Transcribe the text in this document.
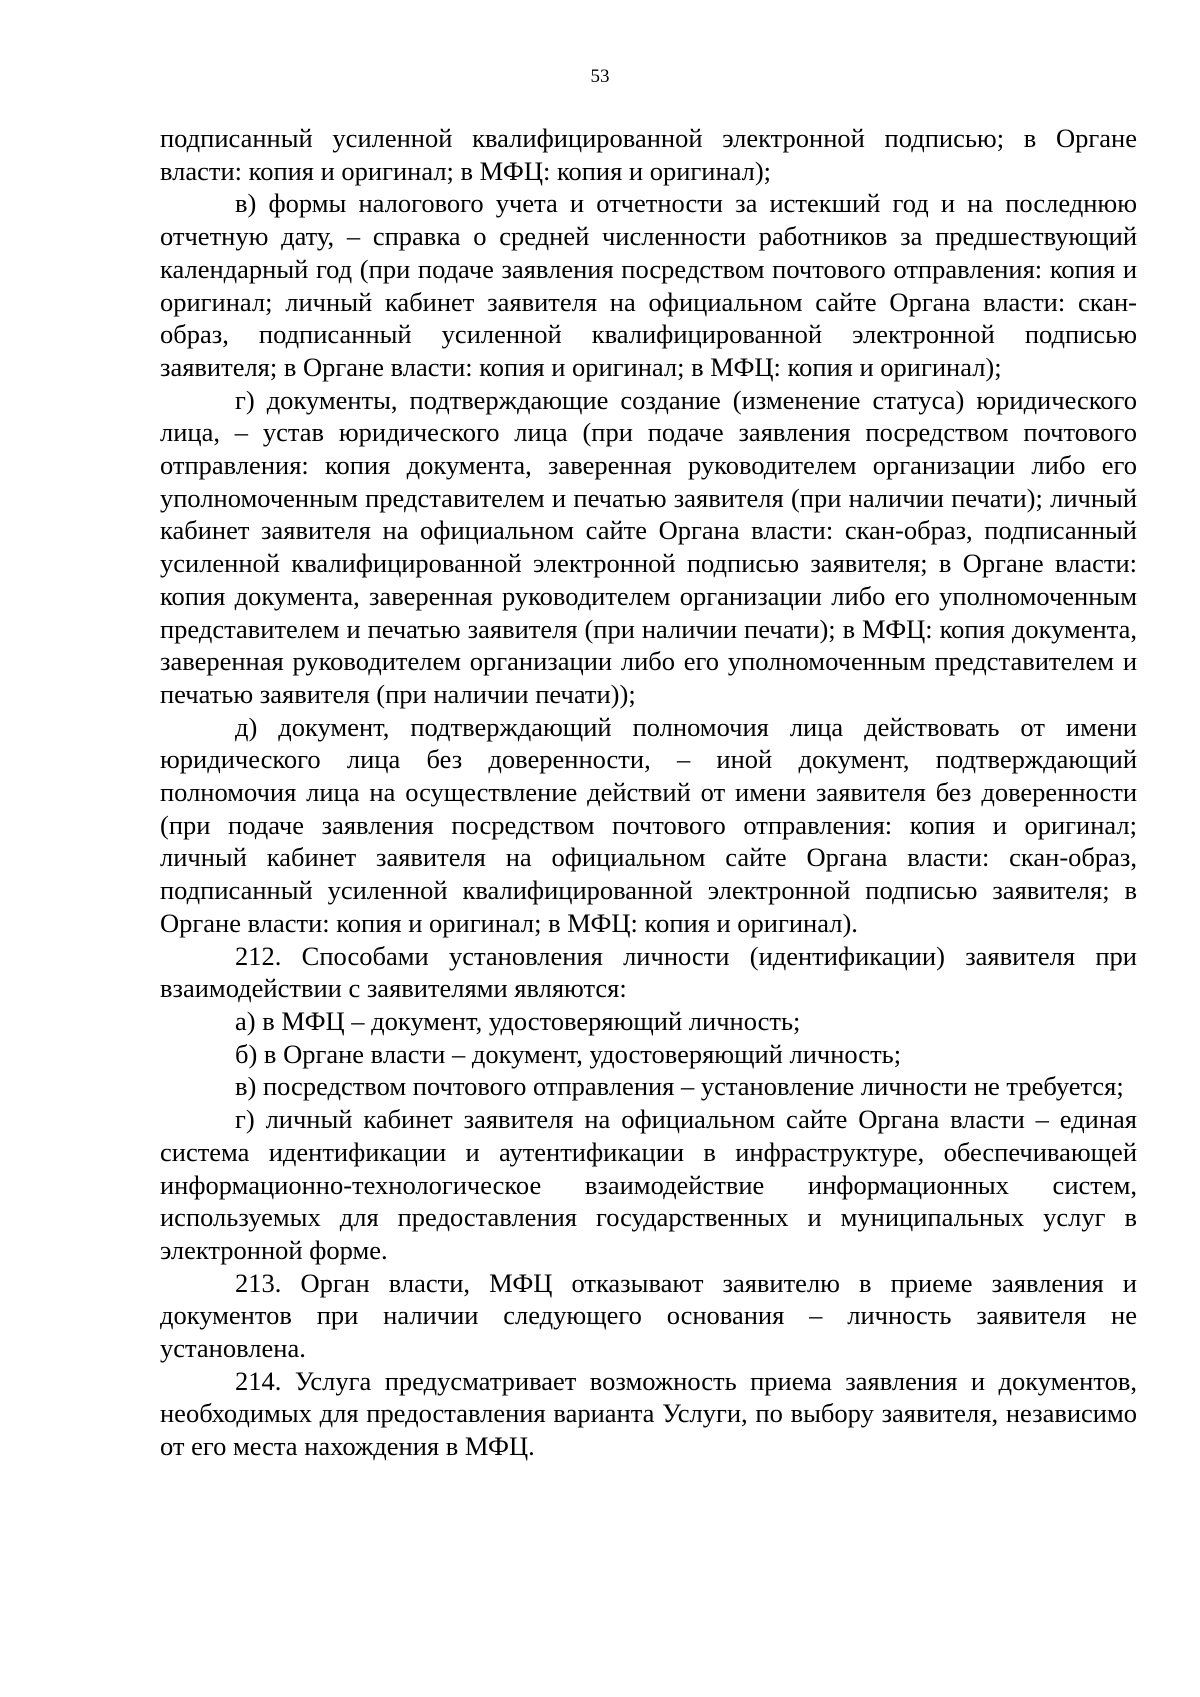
53

подписанный усиленной квалифицированной электронной подписью; в Органе власти: копия и оригинал; в МФЦ: копия и оригинал);

в) формы налогового учета и отчетности за истекший год и на последнюю отчетную дату, – справка о средней численности работников за предшествующий календарный год (при подаче заявления посредством почтового отправления: копия и оригинал; личный кабинет заявителя на официальном сайте Органа власти: скан-образ, подписанный усиленной квалифицированной электронной подписью заявителя; в Органе власти: копия и оригинал; в МФЦ: копия и оригинал);

г) документы, подтверждающие создание (изменение статуса) юридического лица, – устав юридического лица (при подаче заявления посредством почтового отправления: копия документа, заверенная руководителем организации либо его уполномоченным представителем и печатью заявителя (при наличии печати); личный кабинет заявителя на официальном сайте Органа власти: скан-образ, подписанный усиленной квалифицированной электронной подписью заявителя; в Органе власти: копия документа, заверенная руководителем организации либо его уполномоченным представителем и печатью заявителя (при наличии печати); в МФЦ: копия документа, заверенная руководителем организации либо его уполномоченным представителем и печатью заявителя (при наличии печати));

д) документ, подтверждающий полномочия лица действовать от имени юридического лица без доверенности, – иной документ, подтверждающий полномочия лица на осуществление действий от имени заявителя без доверенности (при подаче заявления посредством почтового отправления: копия и оригинал; личный кабинет заявителя на официальном сайте Органа власти: скан-образ, подписанный усиленной квалифицированной электронной подписью заявителя; в Органе власти: копия и оригинал; в МФЦ: копия и оригинал).

212. Способами установления личности (идентификации) заявителя при взаимодействии с заявителями являются:

а) в МФЦ – документ, удостоверяющий личность;

б) в Органе власти – документ, удостоверяющий личность;

в) посредством почтового отправления – установление личности не требуется;

г) личный кабинет заявителя на официальном сайте Органа власти – единая система идентификации и аутентификации в инфраструктуре, обеспечивающей информационно-технологическое взаимодействие информационных систем, используемых для предоставления государственных и муниципальных услуг в электронной форме.

213. Орган власти, МФЦ отказывают заявителю в приеме заявления и документов при наличии следующего основания – личность заявителя не установлена.

214. Услуга предусматривает возможность приема заявления и документов, необходимых для предоставления варианта Услуги, по выбору заявителя, независимо от его места нахождения в МФЦ.
